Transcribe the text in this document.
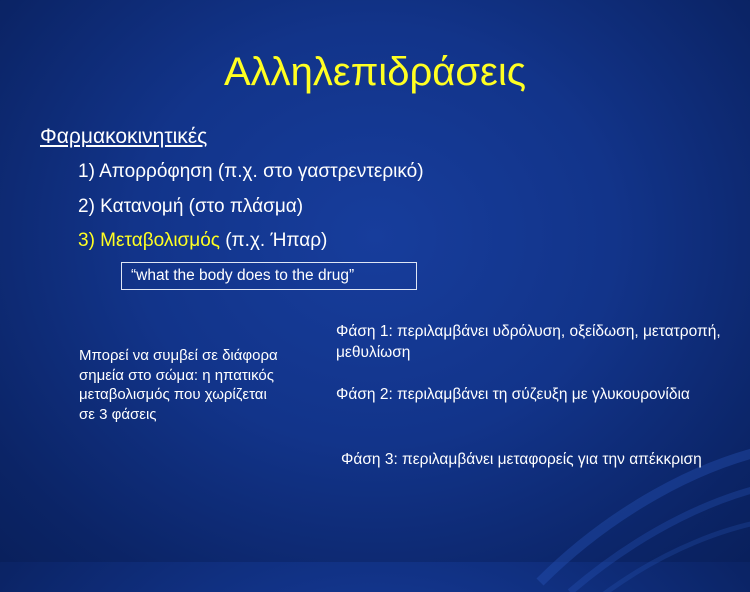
Αλληλεπιδράσεις
Φαρμακοκινητικές
1) Απορρόφηση (π.χ. στο γαστρεντερικό)
2) Κατανομή (στο πλάσμα)
3) Μεταβολισμός (π.χ. Ήπαρ)
“what the body does to the drug”
Μπορεί να συμβεί σε διάφορα σημεία στο σώμα: η ηπατικός μεταβολισμός που χωρίζεται σε 3 φάσεις
Φάση 1: περιλαμβάνει υδρόλυση, οξείδωση, μετατροπή, μεθυλίωση
Φάση 2: περιλαμβάνει τη σύζευξη με γλυκουρονίδια
Φάση 3: περιλαμβάνει μεταφορείς για την απέκκριση
